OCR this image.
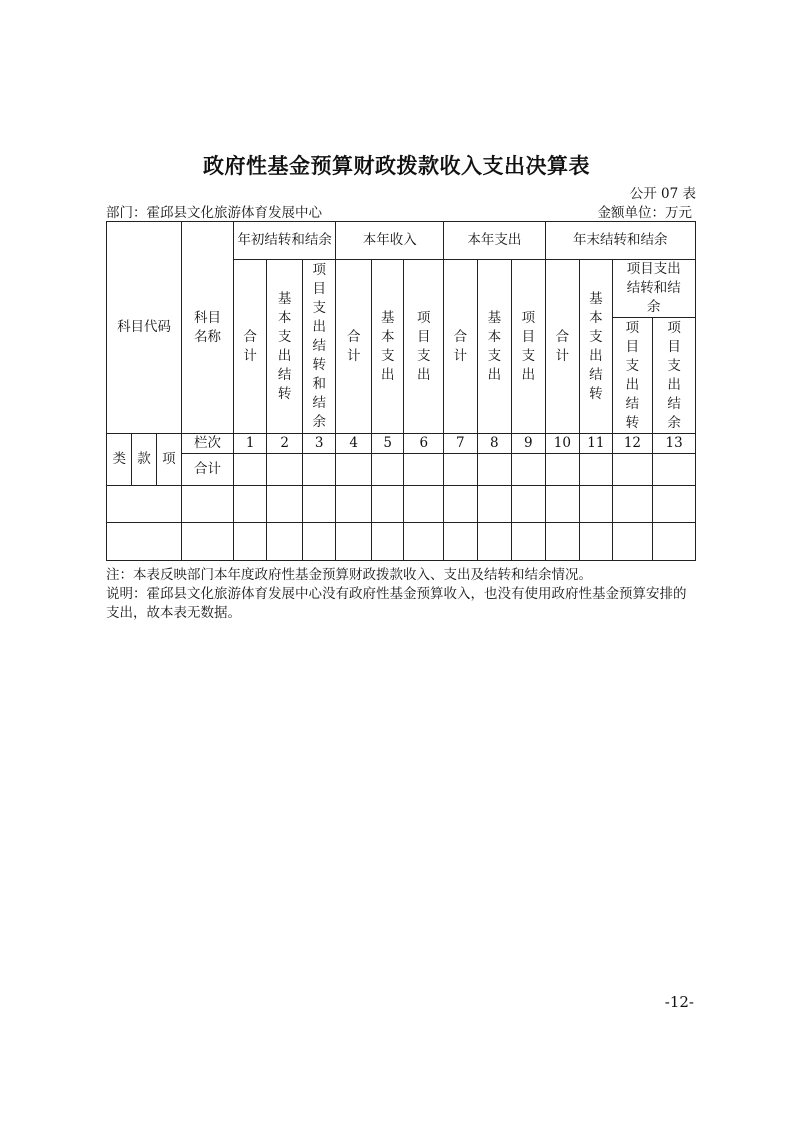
政府性基金预算财政拨款收入支出决算表
公开 07 表
部门：霍邱县文化旅游体育发展中心	金额单位：万元
科目代码			科目名称	年初结转和结余			本年收入			本年支出			年末结转和结余			
				合计	基本支出结转	项目支出结转和结余	合计	基本支出	项目支出	合计	基本支出	项目支出	合计	基本支出结转	项目支出结转和结余	
															项目支出结转	项目支出结余
类	款	项	栏次	1	2	3	4	5	6	7	8	9	10	11	12	13
			合计													

注：本表反映部门本年度政府性基金预算财政拨款收入、支出及结转和结余情况。
说明：霍邱县文化旅游体育发展中心没有政府性基金预算收入，也没有使用政府性基金预算安排的支出，故本表无数据。
-12-
